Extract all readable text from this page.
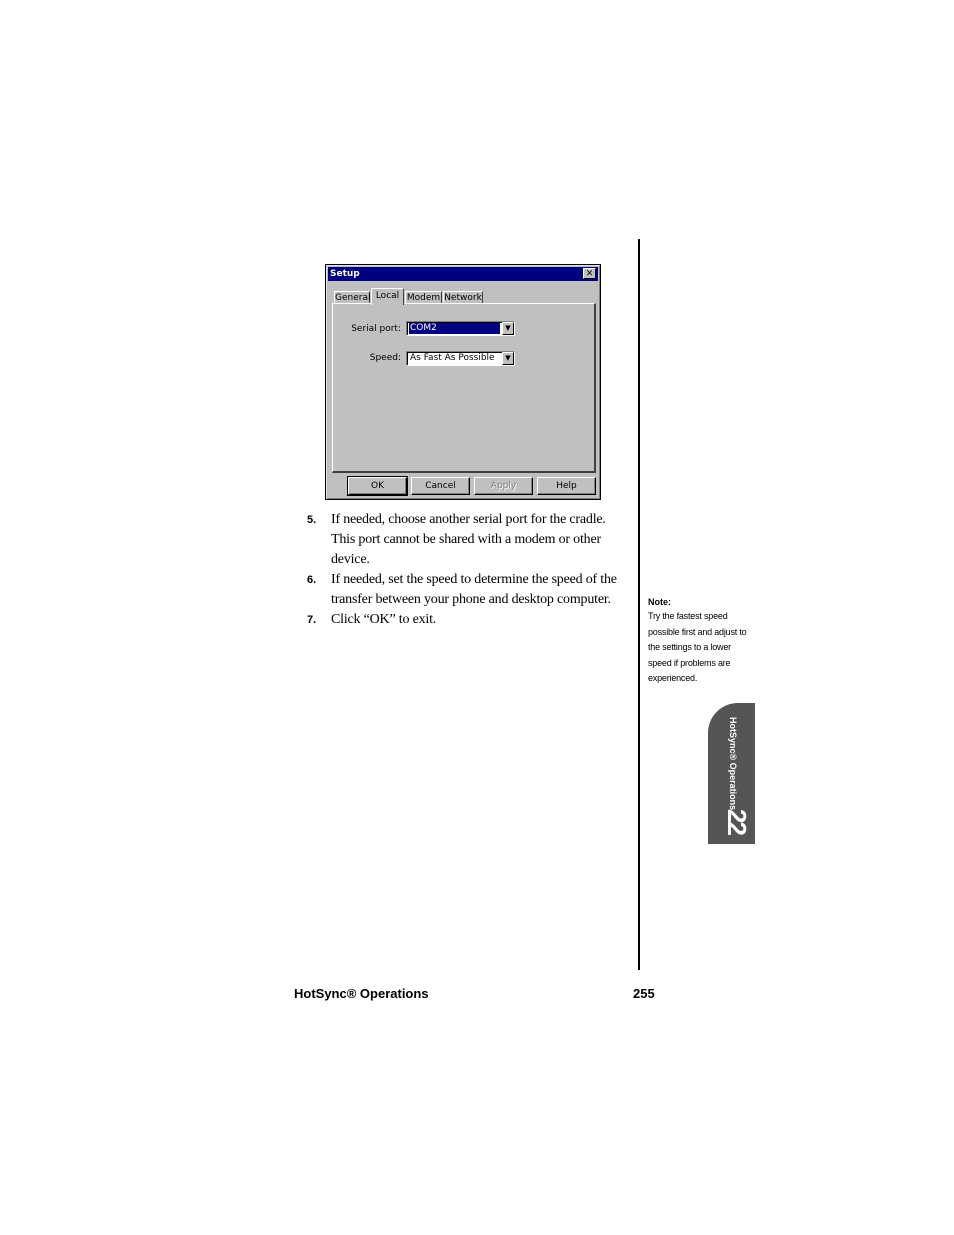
Setup	✕
General Local Modem Network
Serial port: COM2	▼
Speed: As Fast As Possible	▼
OK	Cancel	Apply	Help
5. If needed, choose another serial port for the cradle. This port cannot be shared with a modem or other device.
6. If needed, set the speed to determine the speed of the transfer between your phone and desktop computer.
7. Click “OK” to exit.
Note:
Try the fastest speed possible first and adjust to the settings to a lower speed if problems are experienced.
HotSync® Operations
22
HotSync® Operations	255
